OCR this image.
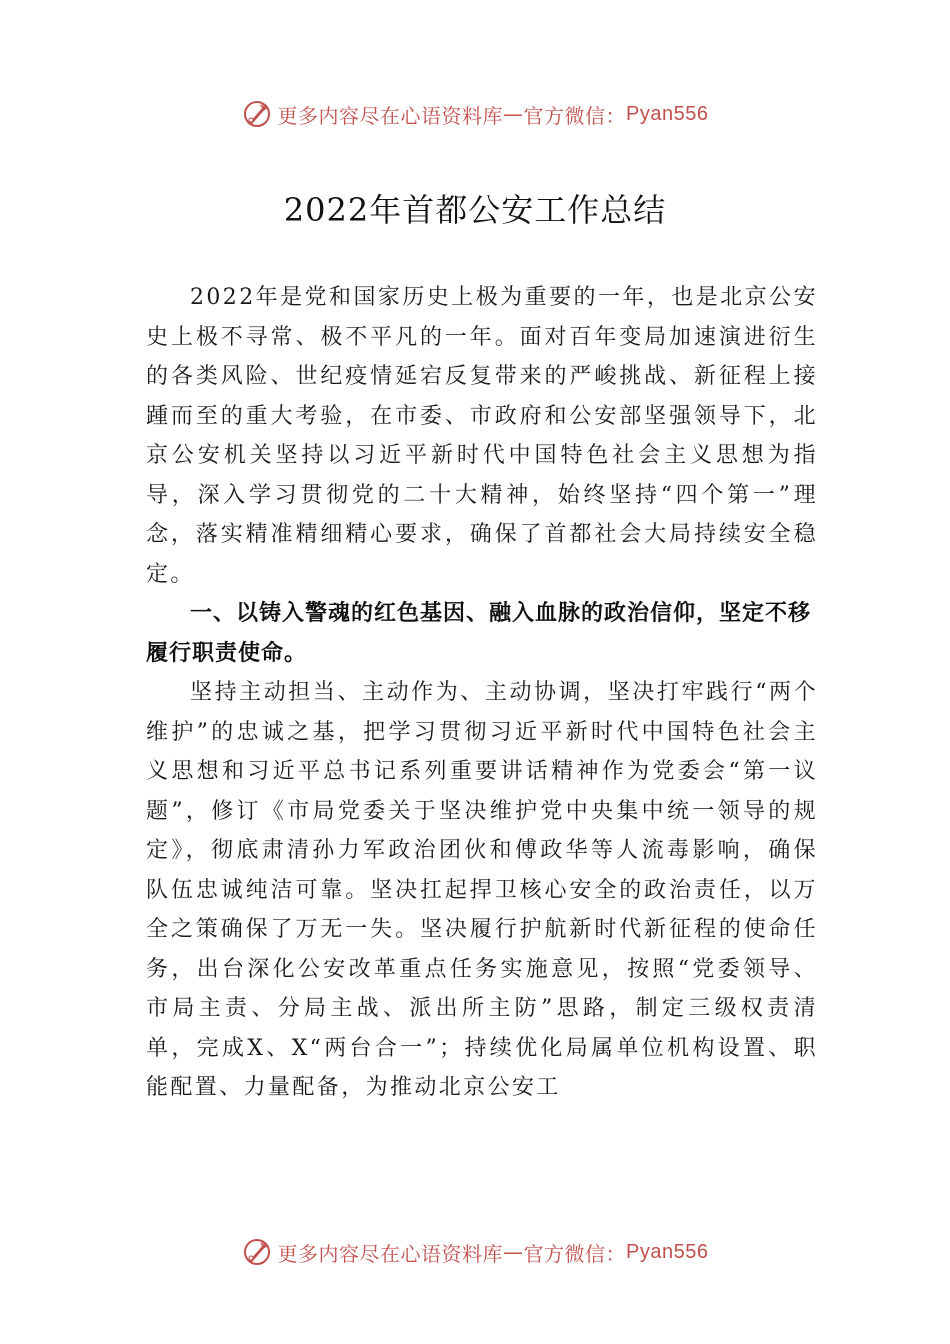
更多内容尽在心语资料库 — 官方微信： Pyan556
2022年首都公安工作总结

2022年是党和国家历史上极为重要的一年，也是北京公安史上极不寻常、极不平凡的一年。面对百年变局加速演进衍生的各类风险、世纪疫情延宕反复带来的严峻挑战、新征程上接踵而至的重大考验，在市委、市政府和公安部坚强领导下，北京公安机关坚持以习近平新时代中国特色社会主义思想为指导，深入学习贯彻党的二十大精神，始终坚持“四个第一”理念，落实精准精细精心要求，确保了首都社会大局持续安全稳定。

一、以铸入警魂的红色基因、融入血脉的政治信仰，坚定不移履行职责使命。

坚持主动担当、主动作为、主动协调，坚决打牢践行“两个维护”的忠诚之基，把学习贯彻习近平新时代中国特色社会主义思想和习近平总书记系列重要讲话精神作为党委会“第一议题”，修订《市局党委关于坚决维护党中央集中统一领导的规定》，彻底肃清孙力军政治团伙和傅政华等人流毒影响，确保队伍忠诚纯洁可靠。坚决扛起捍卫核心安全的政治责任，以万全之策确保了万无一失。坚决履行护航新时代新征程的使命任务，出台深化公安改革重点任务实施意见，按照“党委领导、市局主责、分局主战、派出所主防”思路，制定三级权责清单，完成X、X“两台合一”；持续优化局属单位机构设置、职能配置、力量配备，为推动北京公安工

更多内容尽在心语资料库 — 官方微信： Pyan556
